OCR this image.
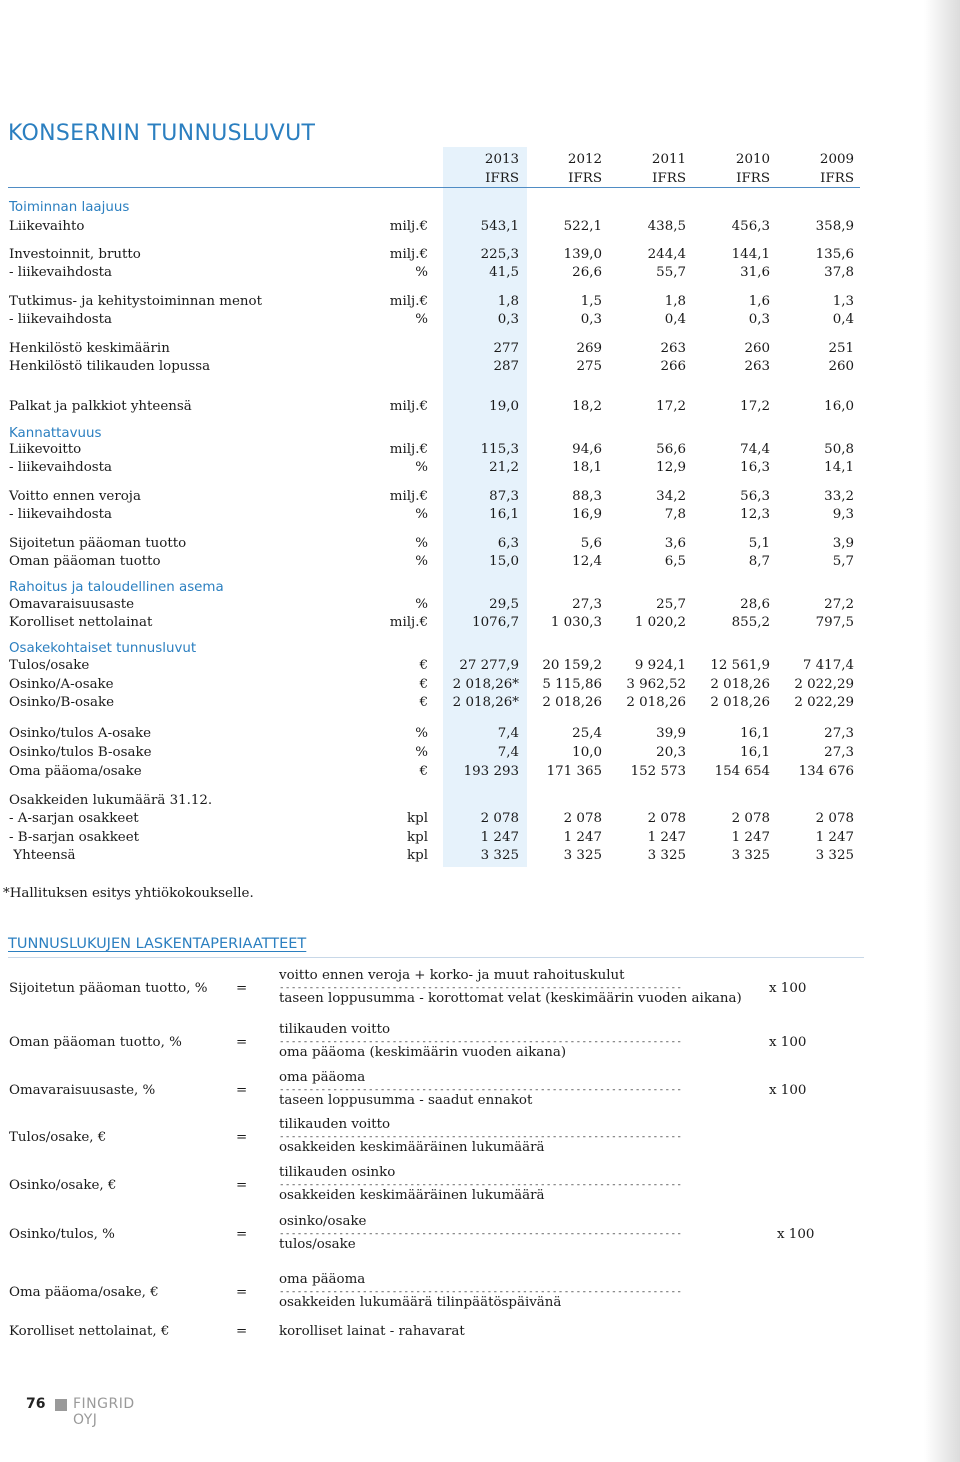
KONSERNIN TUNNUSLUVUT
2013	2012	2011	2010	2009
IFRS	IFRS	IFRS	IFRS	IFRS
Toiminnan laajuus
Kannattavuus
Rahoitus ja taloudellinen asema
Osakekohtaiset tunnusluvut
Liikevaihto	milj.€	543,1	522,1	438,5	456,3	358,9
Investoinnit, brutto	milj.€	225,3	139,0	244,4	144,1	135,6
- liikevaihdosta	%	41,5	26,6	55,7	31,6	37,8
Tutkimus- ja kehitystoiminnan menot	milj.€	1,8	1,5	1,8	1,6	1,3
- liikevaihdosta	%	0,3	0,3	0,4	0,3	0,4
Henkilöstö keskimäärin	277	269	263	260	251
Henkilöstö tilikauden lopussa	287	275	266	263	260
Palkat ja palkkiot yhteensä	milj.€	19,0	18,2	17,2	17,2	16,0
Liikevoitto	milj.€	115,3	94,6	56,6	74,4	50,8
- liikevaihdosta	%	21,2	18,1	12,9	16,3	14,1
Voitto ennen veroja	milj.€	87,3	88,3	34,2	56,3	33,2
- liikevaihdosta	%	16,1	16,9	7,8	12,3	9,3
Sijoitetun pääoman tuotto	%	6,3	5,6	3,6	5,1	3,9
Oman pääoman tuotto	%	15,0	12,4	6,5	8,7	5,7
Omavaraisuusaste	%	29,5	27,3	25,7	28,6	27,2
Korolliset nettolainat	milj.€	1076,7	1 030,3	1 020,2	855,2	797,5
Tulos/osake	€	27 277,9	20 159,2	9 924,1	12 561,9	7 417,4
Osinko/A-osake	€	2 018,26*	5 115,86	3 962,52	2 018,26	2 022,29
Osinko/B-osake	€	2 018,26*	2 018,26	2 018,26	2 018,26	2 022,29
Osinko/tulos A-osake	%	7,4	25,4	39,9	16,1	27,3
Osinko/tulos B-osake	%	7,4	10,0	20,3	16,1	27,3
Oma pääoma/osake	€	193 293	171 365	152 573	154 654	134 676
Osakkeiden lukumäärä 31.12.
- A-sarjan osakkeet	kpl	2 078	2 078	2 078	2 078	2 078
- B-sarjan osakkeet	kpl	1 247	1 247	1 247	1 247	1 247
Yhteensä	kpl	3 325	3 325	3 325	3 325	3 325
*Hallituksen esitys yhtiökokoukselle.
TUNNUSLUKUJEN LASKENTAPERIAATTEET
Sijoitetun pääoman tuotto, % =
voitto ennen veroja + korko- ja muut rahoituskulut
--------------------------------------------------------------------
taseen loppusumma - korottomat velat (keskimäärin vuoden aikana)
x 100
Oman pääoman tuotto, %	=
tilikauden voitto
--------------------------------------------------------------------
oma pääoma (keskimäärin vuoden aikana)
x 100
Omavaraisuusaste, %	=
oma pääoma
--------------------------------------------------------------------
taseen loppusumma - saadut ennakot
x 100
Tulos/osake, €	=
tilikauden voitto
--------------------------------------------------------------------
osakkeiden keskimääräinen lukumäärä
Osinko/osake, €	=
tilikauden osinko
--------------------------------------------------------------------
osakkeiden keskimääräinen lukumäärä
Osinko/tulos, %	=
osinko/osake
--------------------------------------------------------------------
tulos/osake
x 100
Oma pääoma/osake, €	=
oma pääoma
--------------------------------------------------------------------
osakkeiden lukumäärä tilinpäätöspäivänä
Korolliset nettolainat, €	= korolliset lainat - rahavarat
76 FINGRID OYJ
